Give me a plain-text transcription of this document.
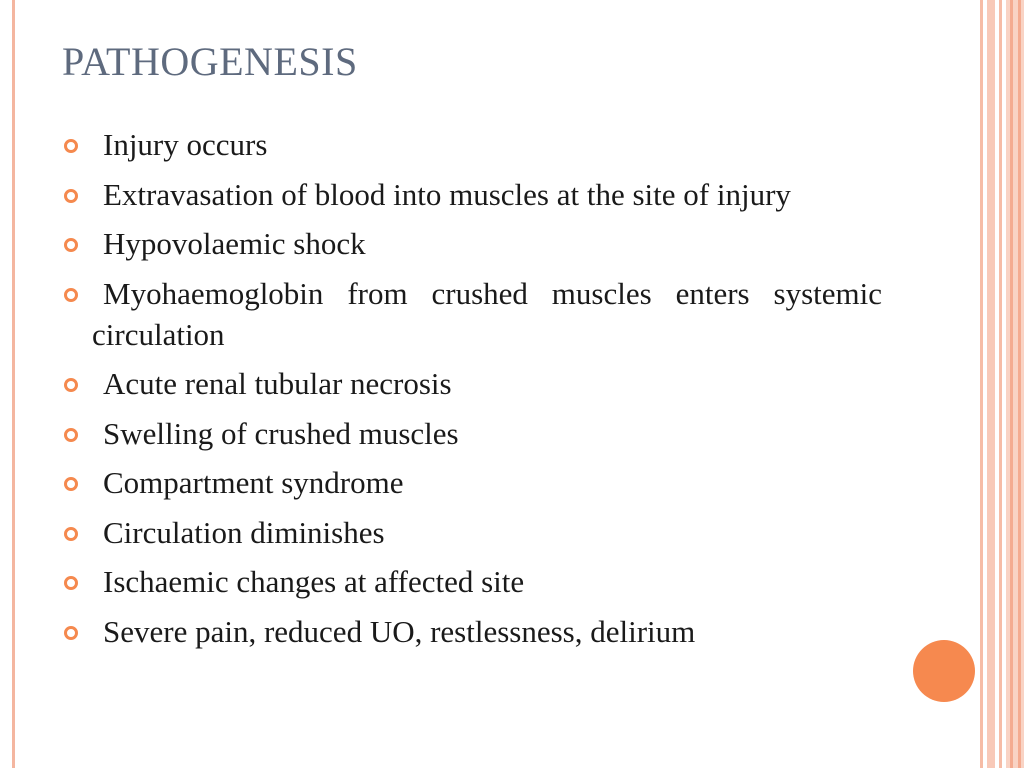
PATHOGENESIS
Injury occurs
Extravasation of blood into muscles at the site of injury
Hypovolaemic shock
Myohaemoglobin from crushed muscles enters systemic circulation
Acute renal tubular necrosis
Swelling of crushed muscles
Compartment syndrome
Circulation diminishes
Ischaemic changes at affected site
Severe pain, reduced UO, restlessness, delirium
